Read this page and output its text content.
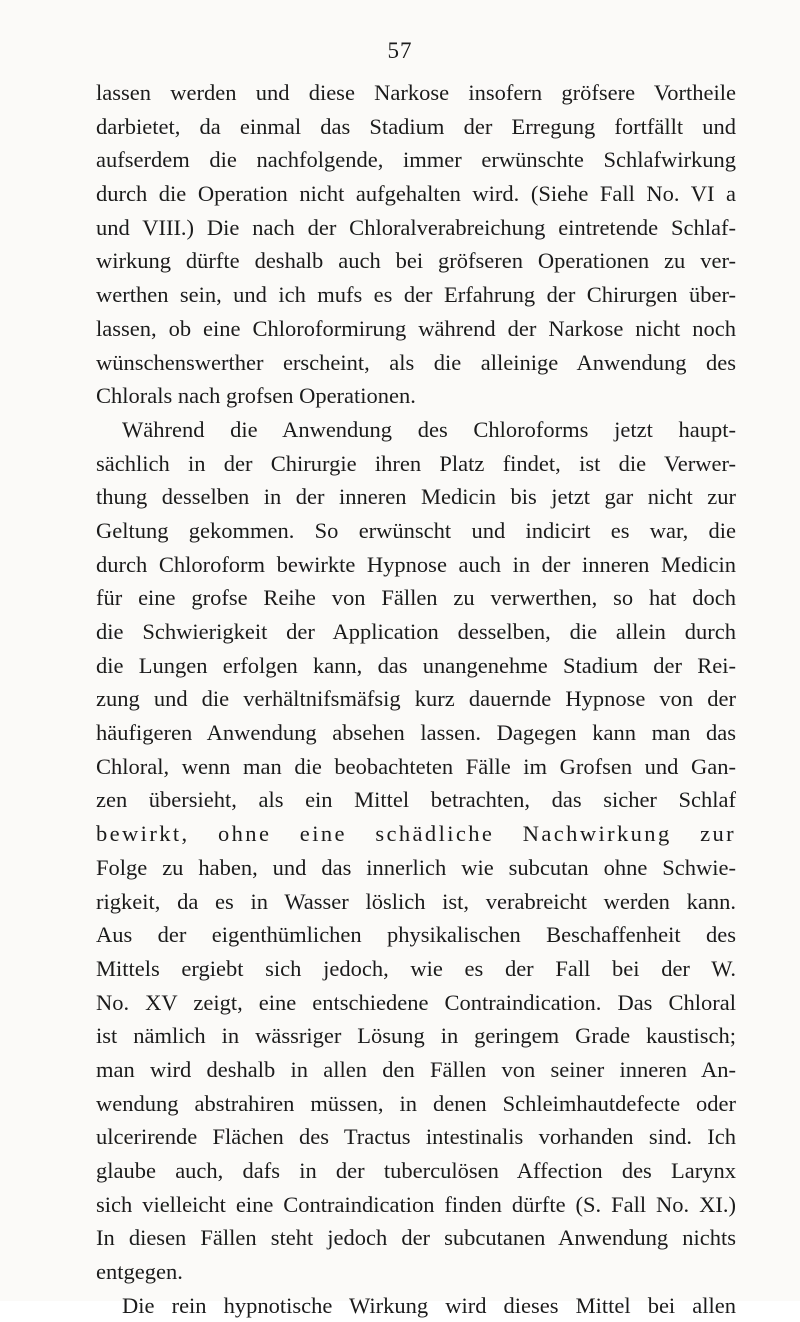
57
lassen werden und diese Narkose insofern gröfsere Vortheile
darbietet, da einmal das Stadium der Erregung fortfällt und
aufserdem die nachfolgende, immer erwünschte Schlafwirkung
durch die Operation nicht aufgehalten wird. (Siehe Fall No. VI a
und VIII.) Die nach der Chloralverabreichung eintretende Schlaf-
wirkung dürfte deshalb auch bei gröfseren Operationen zu ver-
werthen sein, und ich mufs es der Erfahrung der Chirurgen über-
lassen, ob eine Chloroformirung während der Narkose nicht noch
wünschenswerther erscheint, als die alleinige Anwendung des
Chlorals nach grofsen Operationen.
Während die Anwendung des Chloroforms jetzt haupt-
sächlich in der Chirurgie ihren Platz findet, ist die Verwer-
thung desselben in der inneren Medicin bis jetzt gar nicht zur
Geltung gekommen. So erwünscht und indicirt es war, die
durch Chloroform bewirkte Hypnose auch in der inneren Medicin
für eine grofse Reihe von Fällen zu verwerthen, so hat doch
die Schwierigkeit der Application desselben, die allein durch
die Lungen erfolgen kann, das unangenehme Stadium der Rei-
zung und die verhältnifsmäfsig kurz dauernde Hypnose von der
häufigeren Anwendung absehen lassen. Dagegen kann man das
Chloral, wenn man die beobachteten Fälle im Grofsen und Gan-
zen übersieht, als ein Mittel betrachten, das sicher Schlaf
bewirkt, ohne eine schädliche Nachwirkung zur
Folge zu haben, und das innerlich wie subcutan ohne Schwie-
rigkeit, da es in Wasser löslich ist, verabreicht werden kann.
Aus der eigenthümlichen physikalischen Beschaffenheit des
Mittels ergiebt sich jedoch, wie es der Fall bei der W.
No. XV zeigt, eine entschiedene Contraindication. Das Chloral
ist nämlich in wässriger Lösung in geringem Grade kaustisch;
man wird deshalb in allen den Fällen von seiner inneren An-
wendung abstrahiren müssen, in denen Schleimhautdefecte oder
ulcerirende Flächen des Tractus intestinalis vorhanden sind. Ich
glaube auch, dafs in der tuberculösen Affection des Larynx
sich vielleicht eine Contraindication finden dürfte (S. Fall No. XI.)
In diesen Fällen steht jedoch der subcutanen Anwendung nichts
entgegen.
Die rein hypnotische Wirkung wird dieses Mittel bei allen
